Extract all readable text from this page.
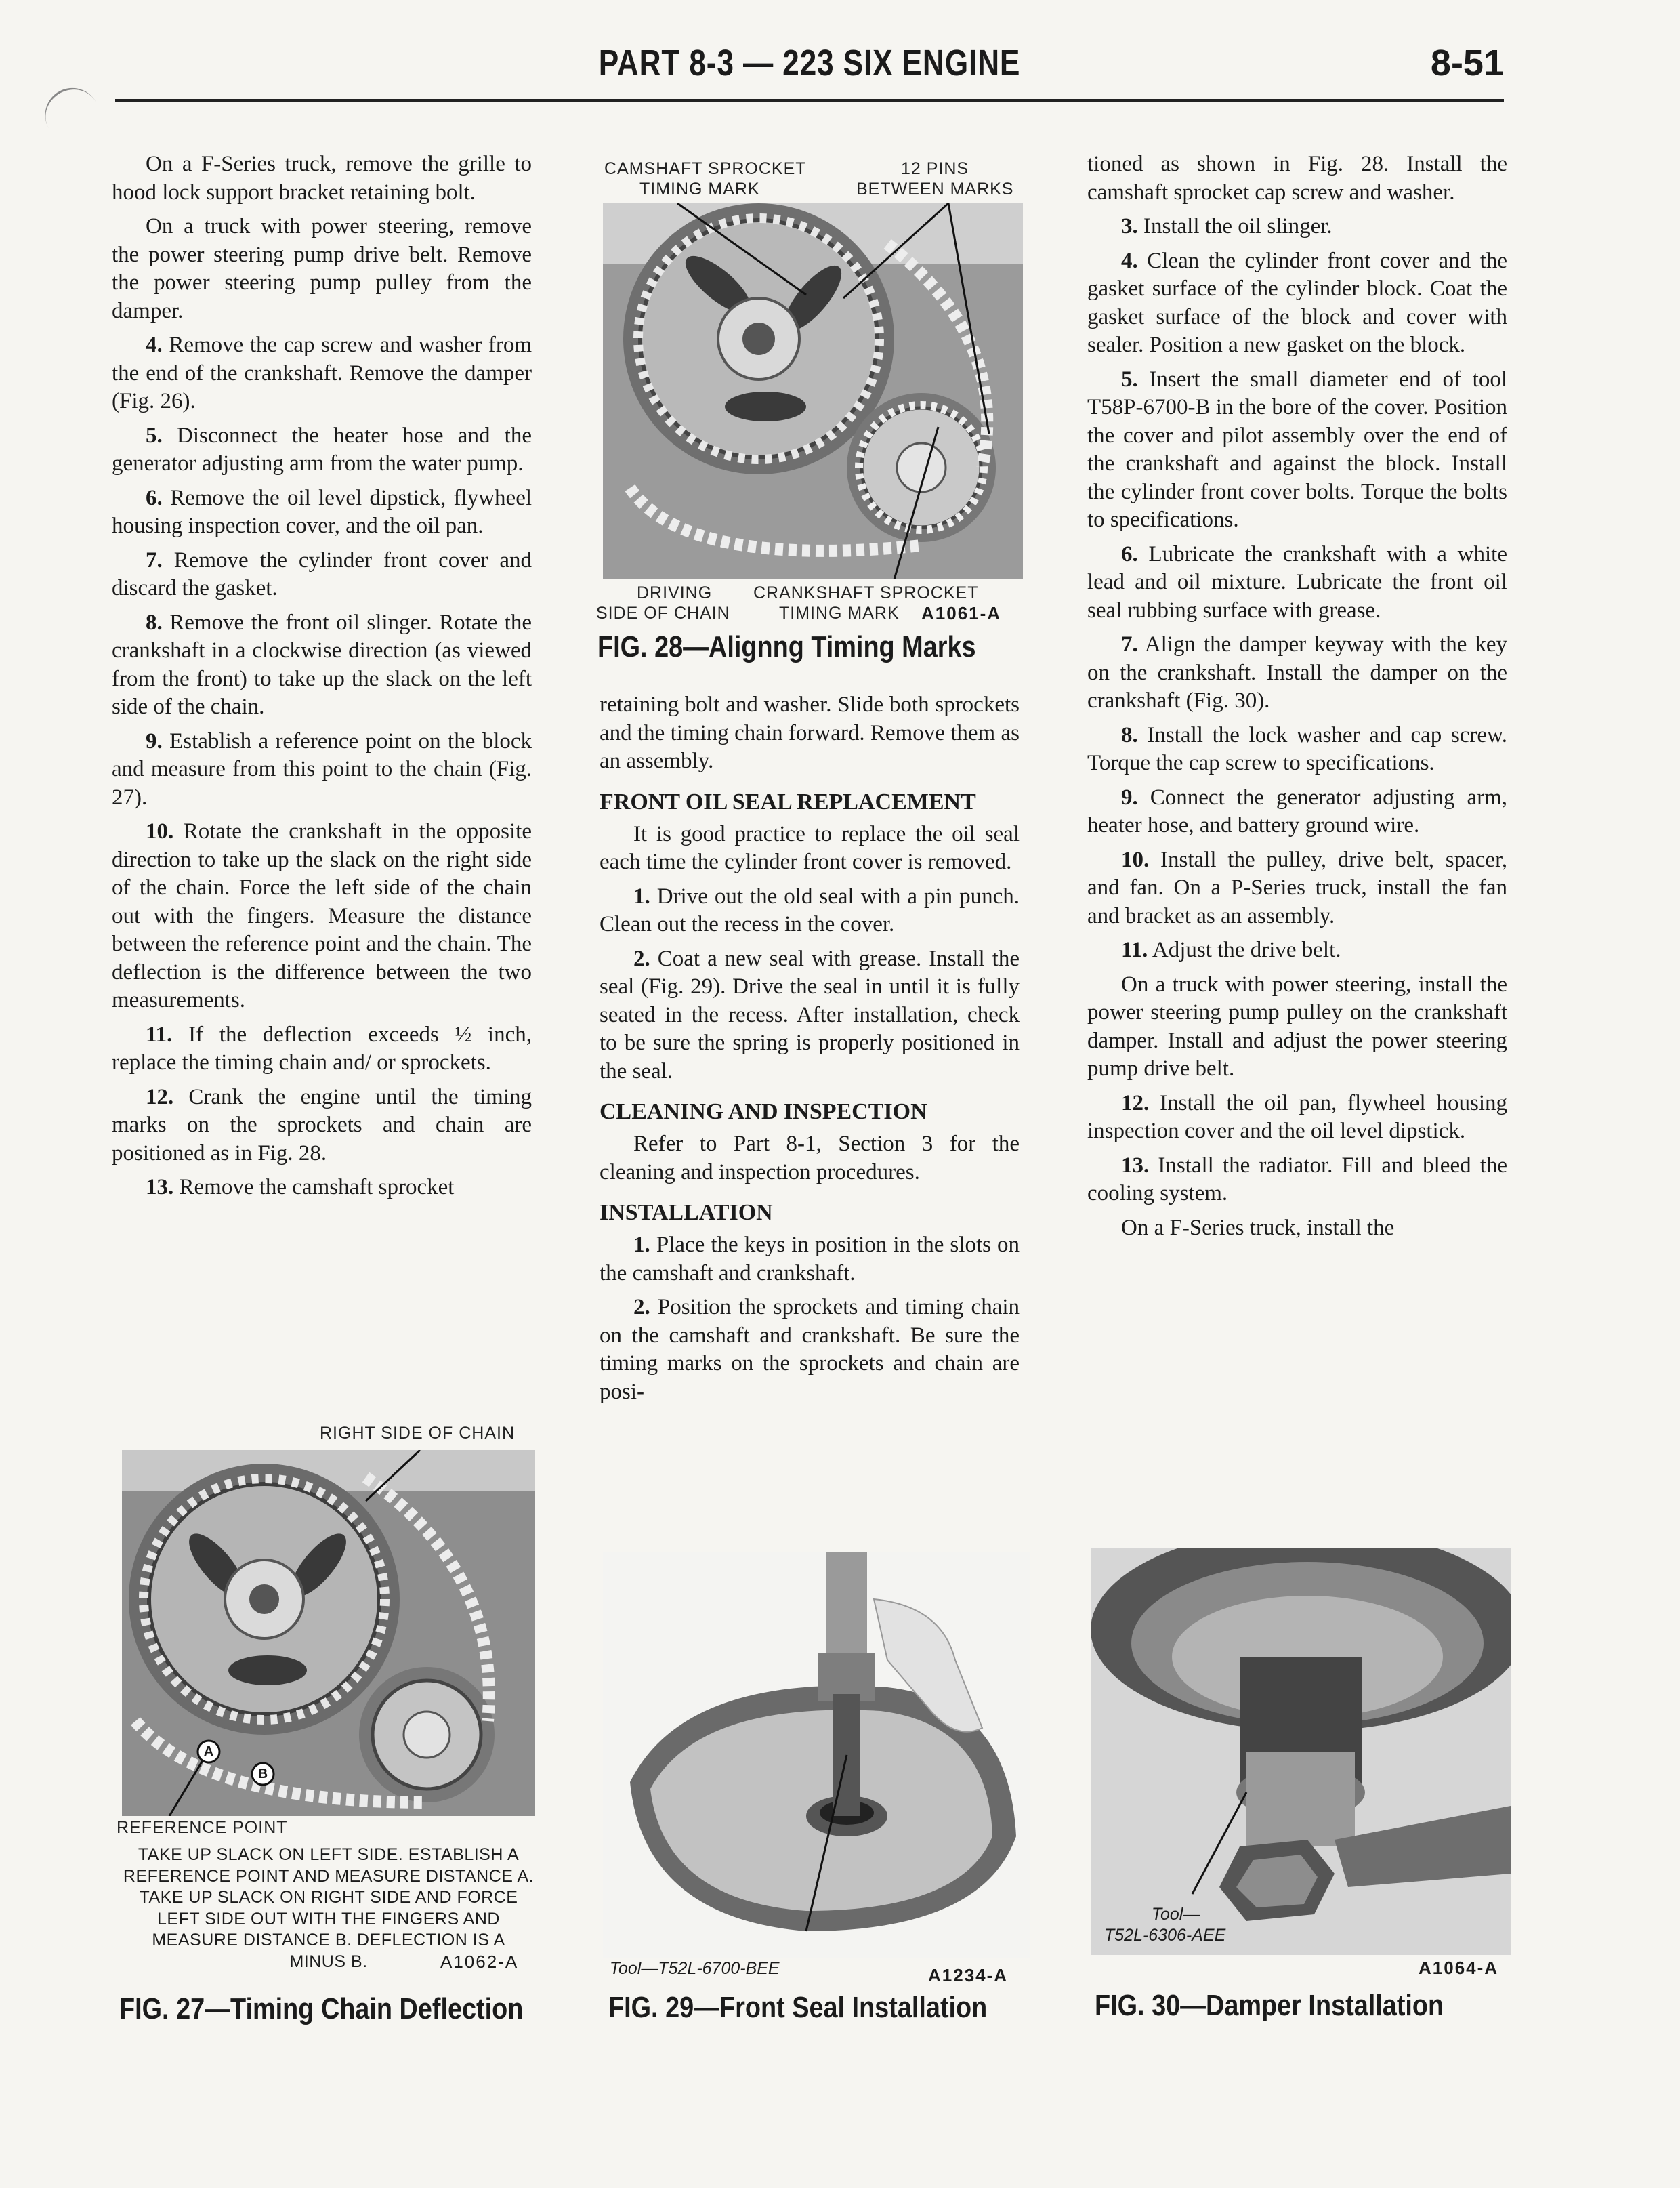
PART 8-3 — 223 SIX ENGINE	8-51

On a F-Series truck, remove the grille to hood lock support bracket retaining bolt.

On a truck with power steering, remove the power steering pump drive belt. Remove the power steering pump pulley from the damper.

4. Remove the cap screw and washer from the end of the crankshaft. Remove the damper (Fig. 26).

5. Disconnect the heater hose and the generator adjusting arm from the water pump.

6. Remove the oil level dipstick, flywheel housing inspection cover, and the oil pan.

7. Remove the cylinder front cover and discard the gasket.

8. Remove the front oil slinger. Rotate the crankshaft in a clockwise direction (as viewed from the front) to take up the slack on the left side of the chain.

9. Establish a reference point on the block and measure from this point to the chain (Fig. 27).

10. Rotate the crankshaft in the opposite direction to take up the slack on the right side of the chain. Force the left side of the chain out with the fingers. Measure the distance between the reference point and the chain. The deflection is the difference between the two measurements.

11. If the deflection exceeds ½ inch, replace the timing chain and/ or sprockets.

12. Crank the engine until the timing marks on the sprockets and chain are positioned as in Fig. 28.

13. Remove the camshaft sprocket

retaining bolt and washer. Slide both sprockets and the timing chain forward. Remove them as an assembly.

FRONT OIL SEAL REPLACEMENT

It is good practice to replace the oil seal each time the cylinder front cover is removed.

1. Drive out the old seal with a pin punch. Clean out the recess in the cover.

2. Coat a new seal with grease. Install the seal (Fig. 29). Drive the seal in until it is fully seated in the recess. After installation, check to be sure the spring is properly positioned in the seal.

CLEANING AND INSPECTION

Refer to Part 8-1, Section 3 for the cleaning and inspection procedures.

INSTALLATION

1. Place the keys in position in the slots on the camshaft and crankshaft.

2. Position the sprockets and timing chain on the camshaft and crankshaft. Be sure the timing marks on the sprockets and chain are posi-

tioned as shown in Fig. 28. Install the camshaft sprocket cap screw and washer.

3. Install the oil slinger.

4. Clean the cylinder front cover and the gasket surface of the cylinder block. Coat the gasket surface of the block and cover with sealer. Position a new gasket on the block.

5. Insert the small diameter end of tool T58P-6700-B in the bore of the cover. Position the cover and pilot assembly over the end of the crankshaft and against the block. Install the cylinder front cover bolts. Torque the bolts to specifications.

6. Lubricate the crankshaft with a white lead and oil mixture. Lubricate the front oil seal rubbing surface with grease.

7. Align the damper keyway with the key on the crankshaft. Install the damper on the crankshaft (Fig. 30).

8. Install the lock washer and cap screw. Torque the cap screw to specifications.

9. Connect the generator adjusting arm, heater hose, and battery ground wire.

10. Install the pulley, drive belt, spacer, and fan. On a P-Series truck, install the fan and bracket as an assembly.

11. Adjust the drive belt.

On a truck with power steering, install the power steering pump pulley on the crankshaft damper. Install and adjust the power steering pump drive belt.

12. Install the oil pan, flywheel housing inspection cover and the oil level dipstick.

13. Install the radiator. Fill and bleed the cooling system.

On a F-Series truck, install the

CAMSHAFT SPROCKET
TIMING MARK
12 PINS
BETWEEN MARKS
DRIVING
SIDE OF CHAIN
CRANKSHAFT SPROCKET
TIMING MARK A1061-A
FIG. 28—Alignng Timing Marks
RIGHT SIDE OF CHAIN
A
B
REFERENCE POINT
TAKE UP SLACK ON LEFT SIDE. ESTABLISH A
REFERENCE POINT AND MEASURE DISTANCE A.
TAKE UP SLACK ON RIGHT SIDE AND FORCE
LEFT SIDE OUT WITH THE FINGERS AND
MEASURE DISTANCE B. DEFLECTION IS A
MINUS B.	A1062-A
FIG. 27—Timing Chain Deflection
Tool—T52L-6700-BEE	A1234-A
FIG. 29—Front Seal Installation
Tool—
T52L-6306-AEE
A1064-A
FIG. 30—Damper Installation
